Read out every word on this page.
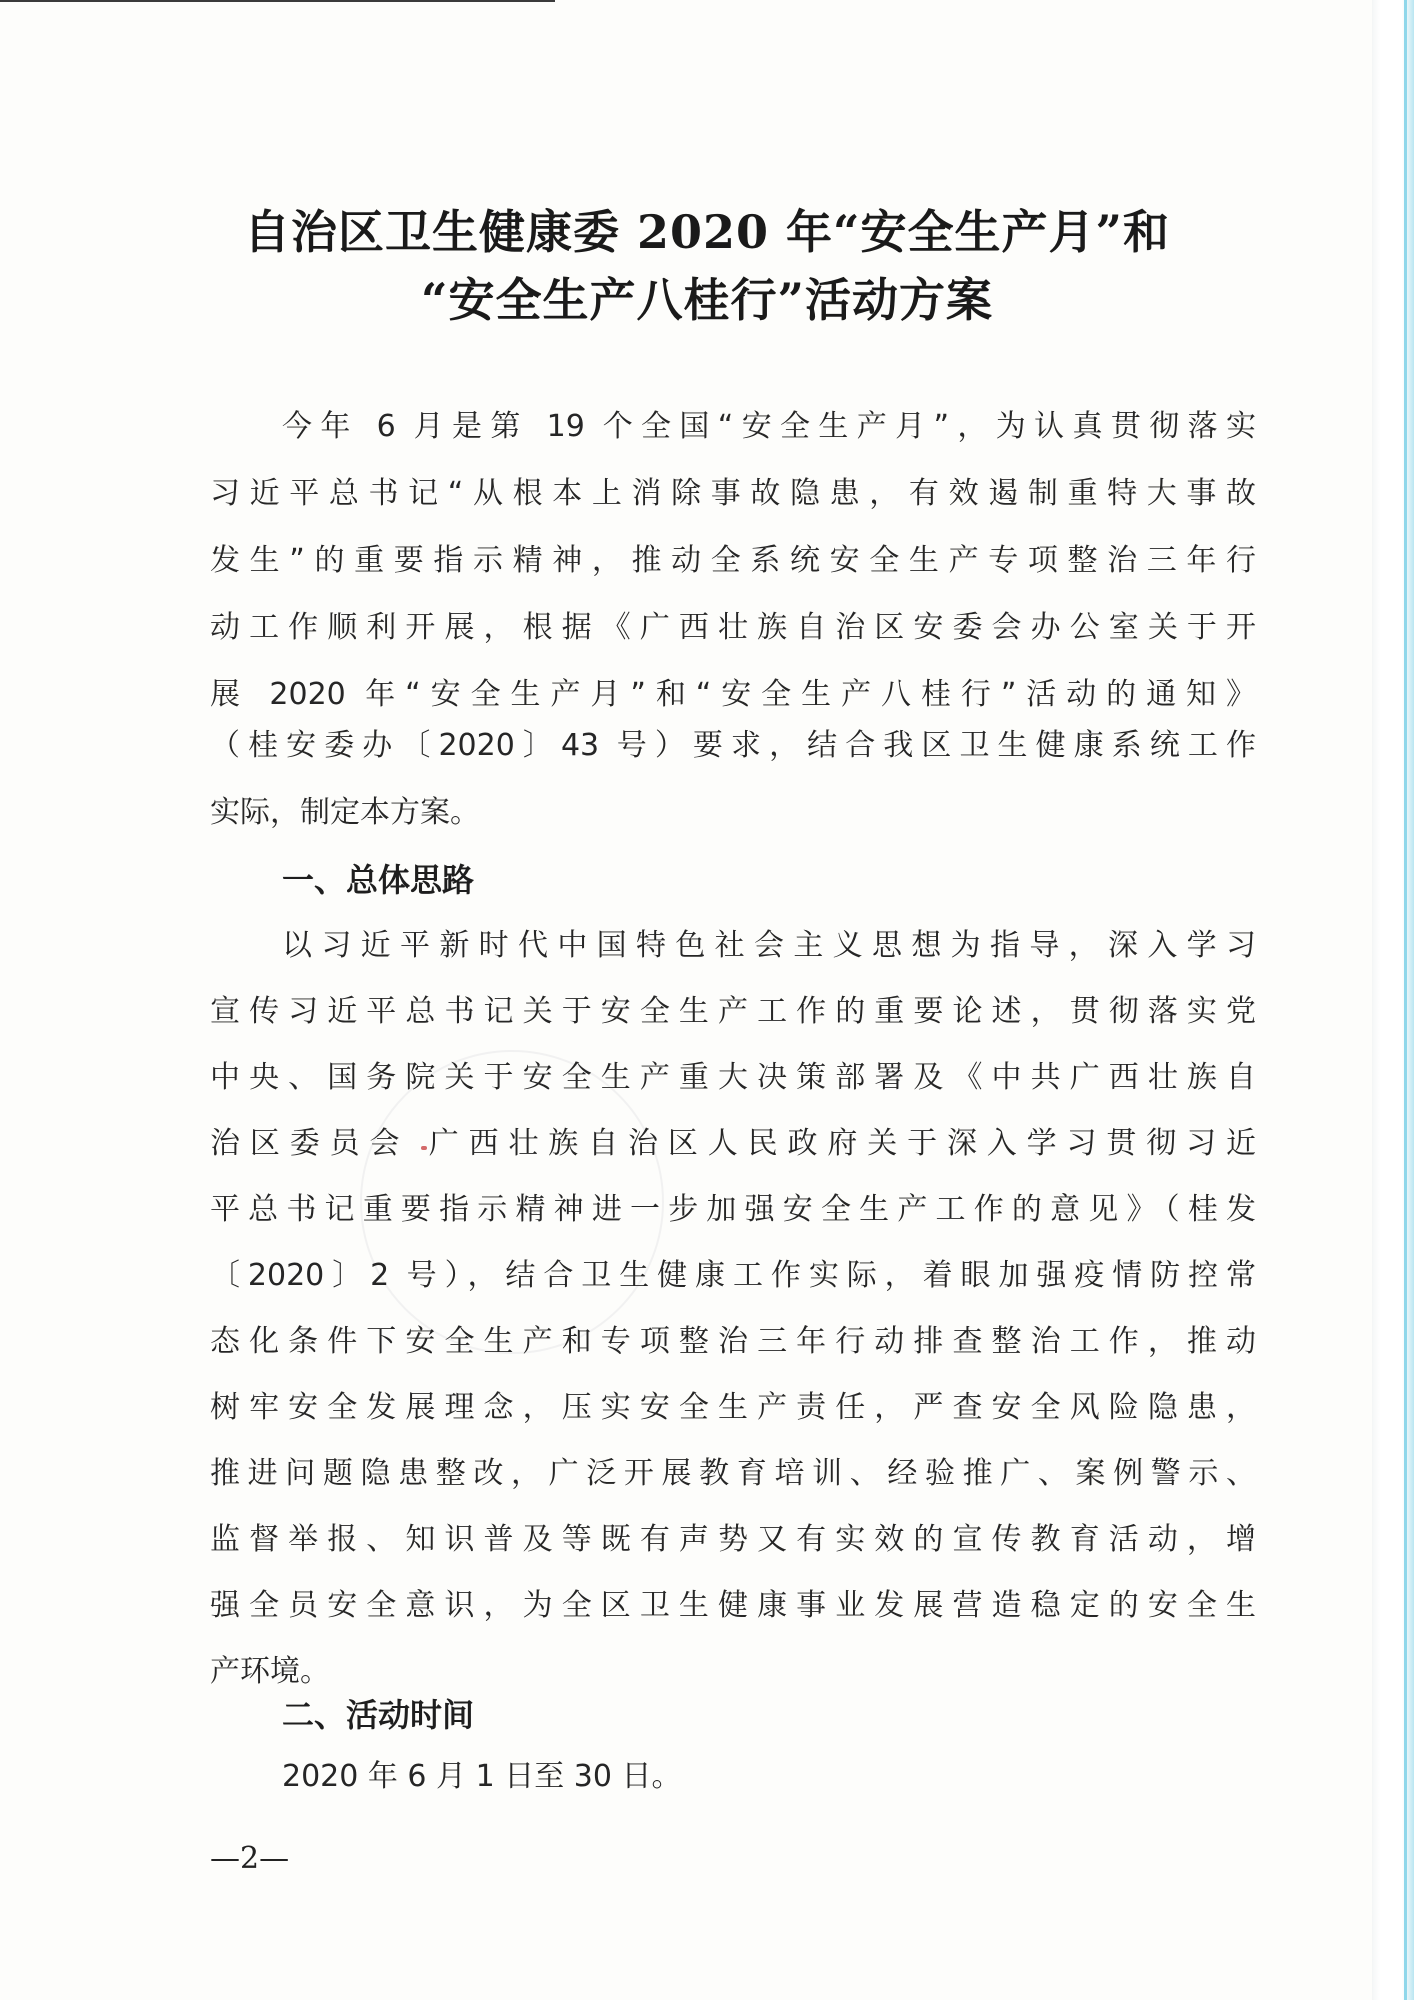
自治区卫生健康委 2020 年“安全生产月”和
“安全生产八桂行”活动方案
今年 6 月是第 19 个全国“安全生产月”，为认真贯彻落实
习近平总书记“从根本上消除事故隐患，有效遏制重特大事故
发生”的重要指示精神，推动全系统安全生产专项整治三年行
动工作顺利开展，根据《广西壮族自治区安委会办公室关于开
展 2020 年“安全生产月”和“安全生产八桂行”活动的通知》
（桂安委办〔2020〕43 号）要求，结合我区卫生健康系统工作
实际，制定本方案。
一、总体思路
以习近平新时代中国特色社会主义思想为指导，深入学习
宣传习近平总书记关于安全生产工作的重要论述，贯彻落实党
中央、国务院关于安全生产重大决策部署及《中共广西壮族自
治区委员会 广西壮族自治区人民政府关于深入学习贯彻习近
平总书记重要指示精神进一步加强安全生产工作的意见》（桂发
〔2020〕2 号），结合卫生健康工作实际，着眼加强疫情防控常
态化条件下安全生产和专项整治三年行动排查整治工作，推动
树牢安全发展理念，压实安全生产责任，严查安全风险隐患，
推进问题隐患整改，广泛开展教育培训、经验推广、案例警示、
监督举报、知识普及等既有声势又有实效的宣传教育活动，增
强全员安全意识，为全区卫生健康事业发展营造稳定的安全生
产环境。
二、活动时间
2020 年 6 月 1 日至 30 日。
—2—
